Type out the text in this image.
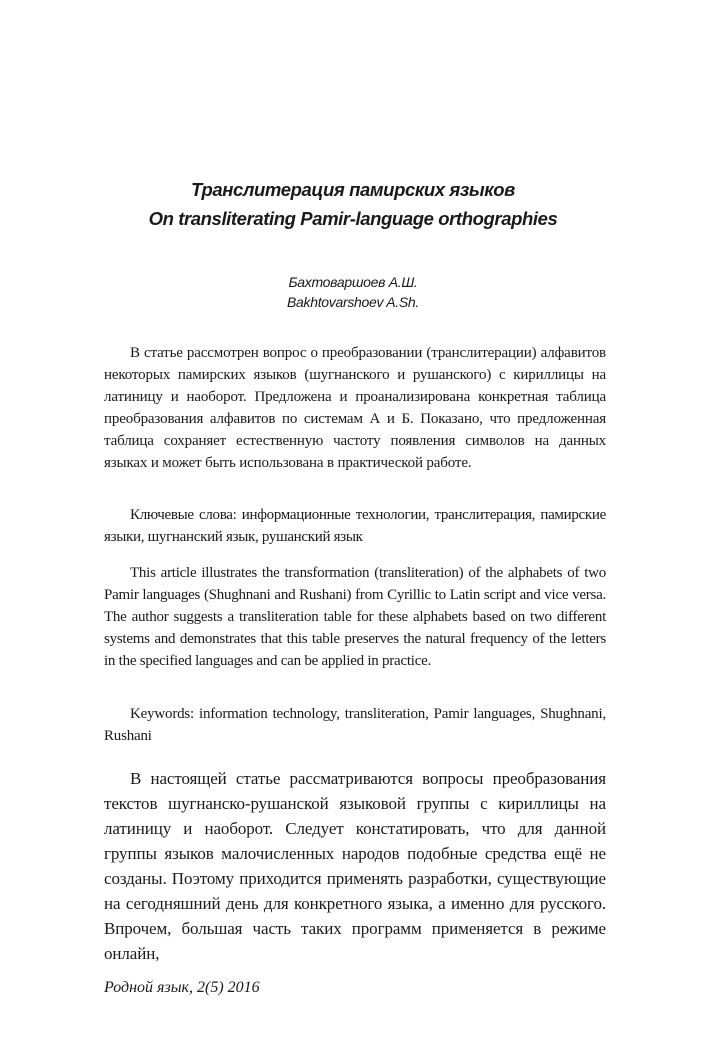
Транслитерация памирских языков
On transliterating Pamir-language orthographies
Бахтоваршоев А.Ш.
Bakhtovarshoev A.Sh.

В статье рассмотрен вопрос о преобразовании (транслитерации) алфавитов некоторых памирских языков (шугнанского и рушанского) с кириллицы на латиницу и наоборот. Предложена и проанализирована конкретная таблица преобразования алфавитов по системам А и Б. Показано, что предложенная таблица сохраняет естественную частоту появления символов на данных языках и может быть использована в практической работе.

Ключевые слова: информационные технологии, транслитерация, памирские языки, шугнанский язык, рушанский язык

This article illustrates the transformation (transliteration) of the alphabets of two Pamir languages (Shughnani and Rushani) from Cyrillic to Latin script and vice versa. The author suggests a transliteration table for these alphabets based on two different systems and demonstrates that this table preserves the natural frequency of the letters in the specified languages and can be applied in practice.

Keywords: information technology, transliteration, Pamir languages, Shughnani, Rushani

В настоящей статье рассматриваются вопросы преобразования текстов шугнанско-рушанской языковой группы с кириллицы на латиницу и наоборот. Следует констатировать, что для данной группы языков малочисленных народов подобные средства ещё не созданы. Поэтому приходится применять разработки, существующие на сегодняшний день для конкретного языка, а именно для русского. Впрочем, большая часть таких программ применяется в режиме онлайн,

Родной язык, 2(5) 2016
